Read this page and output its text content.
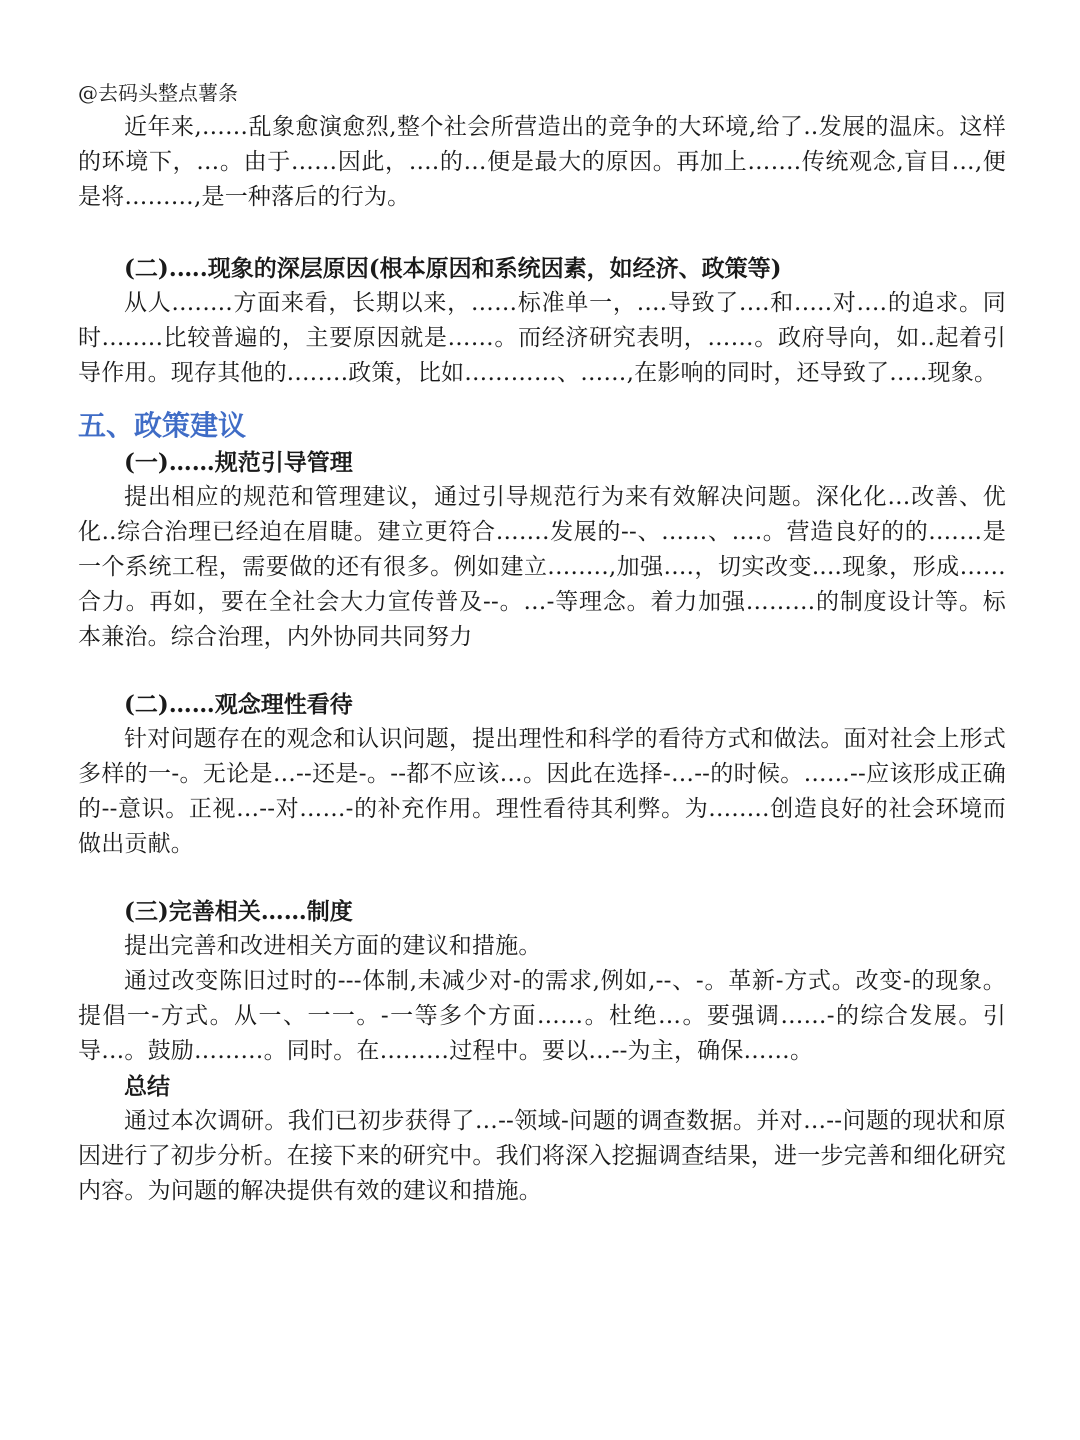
@去码头整点薯条

近年来,……乱象愈演愈烈,整个社会所营造出的竞争的大环境,给了..发展的温床。这样的环境下，…。由于……因此，….的…便是最大的原因。再加上…….传统观念,盲目…,便是将………,是一种落后的行为。

(二).….现象的深层原因(根本原因和系统因素，如经济、政策等)

从人.…….方面来看，长期以来，……标准单一，….导致了.…和.….对.…的追求。同时.…….比较普遍的，主要原因就是……。而经济研究表明，……。政府导向，如..起着引导作用。现存其他的.…….政策，比如…………、……,在影响的同时，还导致了.….现象。

五、政策建议

(一)……规范引导管理

提出相应的规范和管理建议，通过引导规范行为来有效解决问题。深化化…改善、优化..综合治理已经迫在眉睫。建立更符合…….发展的--、……、….。营造良好的的.……是一个系统工程，需要做的还有很多。例如建立.…….,加强.…，切实改变....现象，形成……合力。再如，要在全社会大力宣传普及--。…-等理念。着力加强………的制度设计等。标本兼治。综合治理，内外协同共同努力

(二)……观念理性看待

针对问题存在的观念和认识问题，提出理性和科学的看待方式和做法。面对社会上形式多样的一-。无论是…--还是-。--都不应该…。因此在选择-…--的时候。……--应该形成正确的--意识。正视…--对……-的补充作用。理性看待其利弊。为.….…创造良好的社会环境而做出贡献。

(三)完善相关……制度

提出完善和改进相关方面的建议和措施。

通过改变陈旧过时的---体制,未减少对-的需求,例如,--、-。革新-方式。改变-的现象。提倡一-方式。从一、一一。-一等多个方面……。杜绝…。要强调……-的综合发展。引导…。鼓励………。同时。在………过程中。要以…--为主，确保……。

总结

通过本次调研。我们已初步获得了…--领域-问题的调查数据。并对…--问题的现状和原因进行了初步分析。在接下来的研究中。我们将深入挖掘调查结果，进一步完善和细化研究内容。为问题的解决提供有效的建议和措施。
